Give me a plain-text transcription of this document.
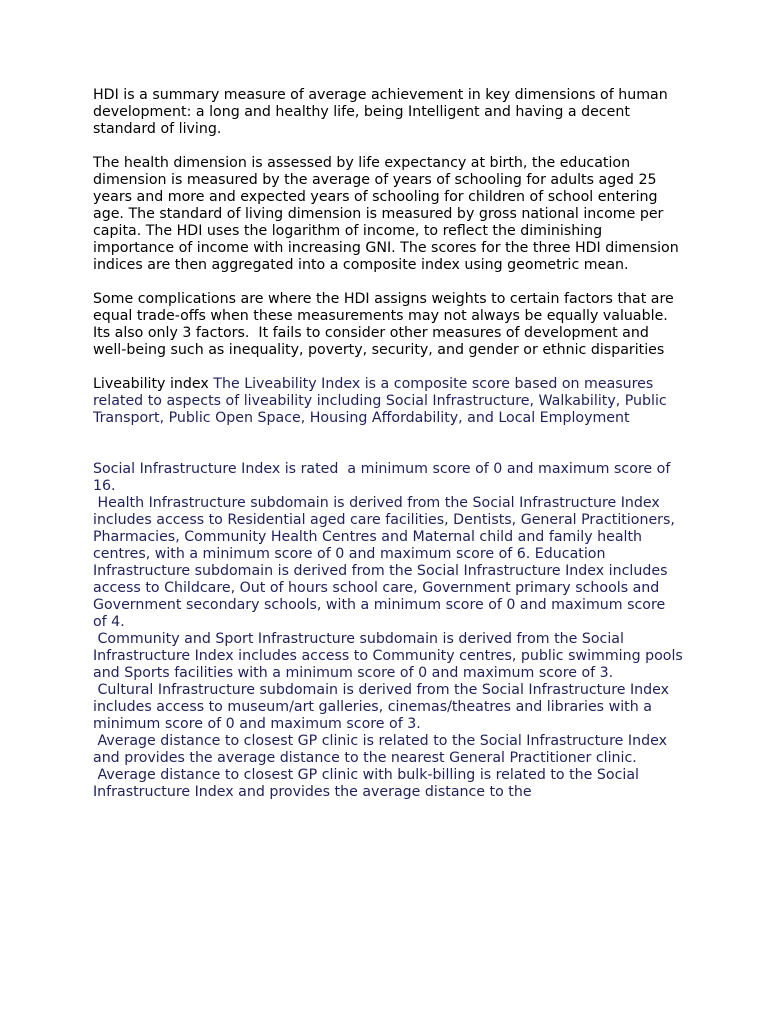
HDI is a summary measure of average achievement in key dimensions of human development: a long and healthy life, being Intelligent and having a decent standard of living.

The health dimension is assessed by life expectancy at birth, the education dimension is measured by the average of years of schooling for adults aged 25 years and more and expected years of schooling for children of school entering age. The standard of living dimension is measured by gross national income per capita. The HDI uses the logarithm of income, to reflect the diminishing importance of income with increasing GNI. The scores for the three HDI dimension indices are then aggregated into a composite index using geometric mean.

Some complications are where the HDI assigns weights to certain factors that are equal trade-offs when these measurements may not always be equally valuable. Its also only 3 factors.  It fails to consider other measures of development and well-being such as inequality, poverty, security, and gender or ethnic disparities

Liveability index The Liveability Index is a composite score based on measures related to aspects of liveability including Social Infrastructure, Walkability, Public Transport, Public Open Space, Housing Affordability, and Local Employment

Social Infrastructure Index is rated  a minimum score of 0 and maximum score of 16.

Health Infrastructure subdomain is derived from the Social Infrastructure Index includes access to Residential aged care facilities, Dentists, General Practitioners, Pharmacies, Community Health Centres and Maternal child and family health centres, with a minimum score of 0 and maximum score of 6. Education Infrastructure subdomain is derived from the Social Infrastructure Index includes access to Childcare, Out of hours school care, Government primary schools and Government secondary schools, with a minimum score of 0 and maximum score of 4.

Community and Sport Infrastructure subdomain is derived from the Social Infrastructure Index includes access to Community centres, public swimming pools and Sports facilities with a minimum score of 0 and maximum score of 3.

Cultural Infrastructure subdomain is derived from the Social Infrastructure Index includes access to museum/art galleries, cinemas/theatres and libraries with a minimum score of 0 and maximum score of 3.

Average distance to closest GP clinic is related to the Social Infrastructure Index and provides the average distance to the nearest General Practitioner clinic.

Average distance to closest GP clinic with bulk-billing is related to the Social Infrastructure Index and provides the average distance to the
